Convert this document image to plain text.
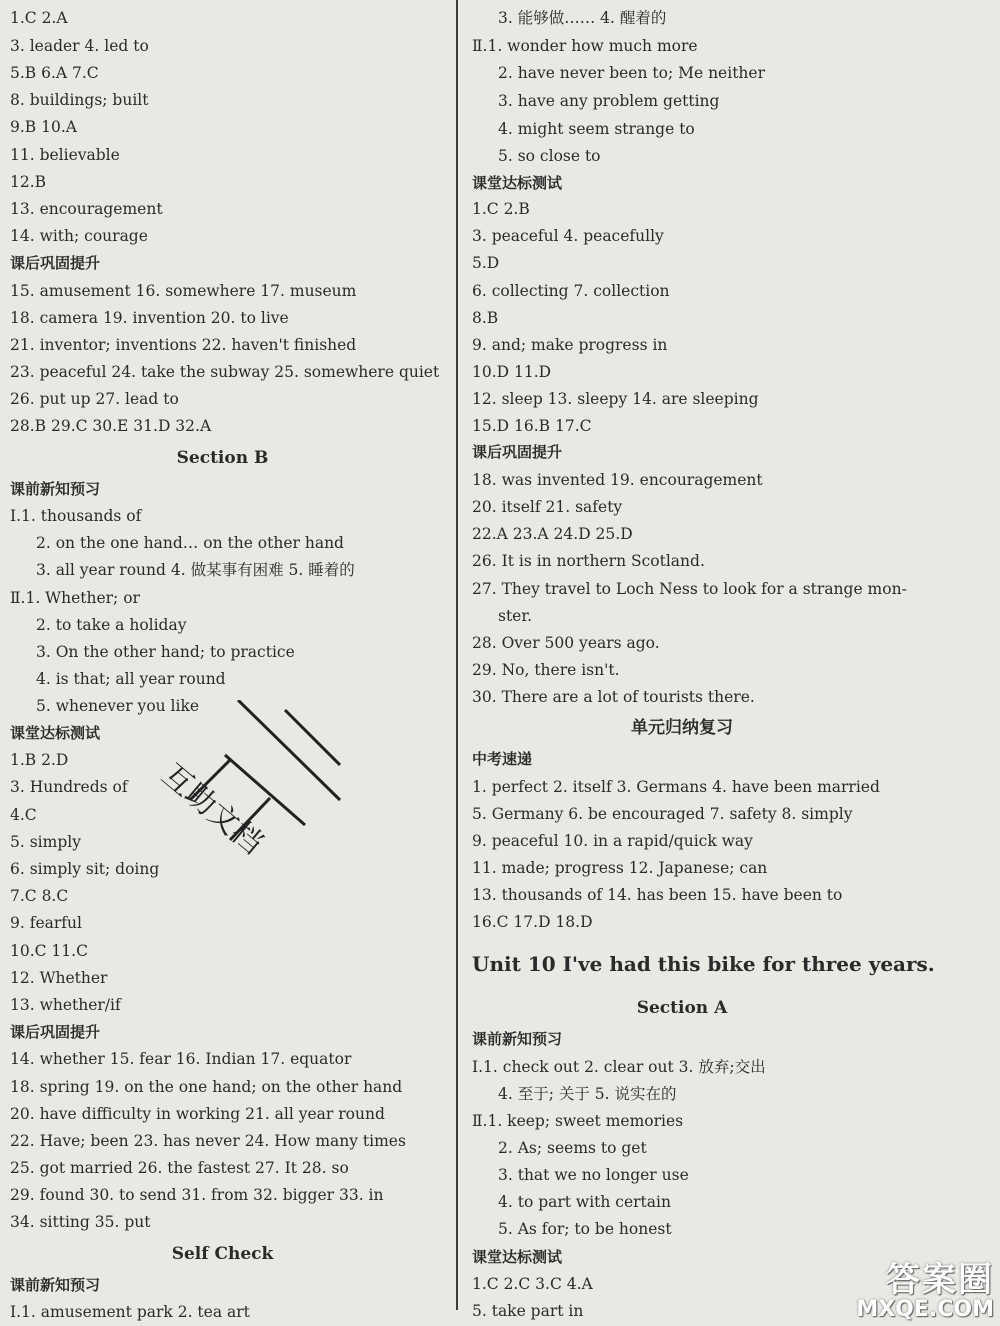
1.C 2.A
3. leader 4. led to
5.B 6.A 7.C
8. buildings; built
9.B 10.A
11. believable
12.B
13. encouragement
14. with; courage
课后巩固提升
15. amusement 16. somewhere 17. museum
18. camera 19. invention 20. to live
21. inventor; inventions 22. haven't finished
23. peaceful 24. take the subway 25. somewhere quiet
26. put up 27. lead to
28.B 29.C 30.E 31.D 32.A
Section B
课前新知预习
Ⅰ.1. thousands of
2. on the one hand… on the other hand
3. all year round 4. 做某事有困难 5. 睡着的
Ⅱ.1. Whether; or
2. to take a holiday
3. On the other hand; to practice
4. is that; all year round
5. whenever you like
课堂达标测试
1.B 2.D
3. Hundreds of
4.C
5. simply
6. simply sit; doing
7.C 8.C
9. fearful
10.C 11.C
12. Whether
13. whether/if
课后巩固提升
14. whether 15. fear 16. Indian 17. equator
18. spring 19. on the one hand; on the other hand
20. have difficulty in working 21. all year round
22. Have; been 23. has never 24. How many times
25. got married 26. the fastest 27. It 28. so
29. found 30. to send 31. from 32. bigger 33. in
34. sitting 35. put
Self Check
课前新知预习
Ⅰ.1. amusement park 2. tea art
3. 能够做…… 4. 醒着的
Ⅱ.1. wonder how much more
2. have never been to; Me neither
3. have any problem getting
4. might seem strange to
5. so close to
课堂达标测试
1.C 2.B
3. peaceful 4. peacefully
5.D
6. collecting 7. collection
8.B
9. and; make progress in
10.D 11.D
12. sleep 13. sleepy 14. are sleeping
15.D 16.B 17.C
课后巩固提升
18. was invented 19. encouragement
20. itself 21. safety
22.A 23.A 24.D 25.D
26. It is in northern Scotland.
27. They travel to Loch Ness to look for a strange mon-
ster.
28. Over 500 years ago.
29. No, there isn't.
30. There are a lot of tourists there.
单元归纳复习
中考速递
1. perfect 2. itself 3. Germans 4. have been married
5. Germany 6. be encouraged 7. safety 8. simply
9. peaceful 10. in a rapid/quick way
11. made; progress 12. Japanese; can
13. thousands of 14. has been 15. have been to
16.C 17.D 18.D
Unit 10 I've had this bike for three years.
Section A
课前新知预习
Ⅰ.1. check out 2. clear out 3. 放弃;交出
4. 至于; 关于 5. 说实在的
Ⅱ.1. keep; sweet memories
2. As; seems to get
3. that we no longer use
4. to part with certain
5. As for; to be honest
课堂达标测试
1.C 2.C 3.C 4.A
5. take part in
互助文档
答案圈
MXQE.COM
